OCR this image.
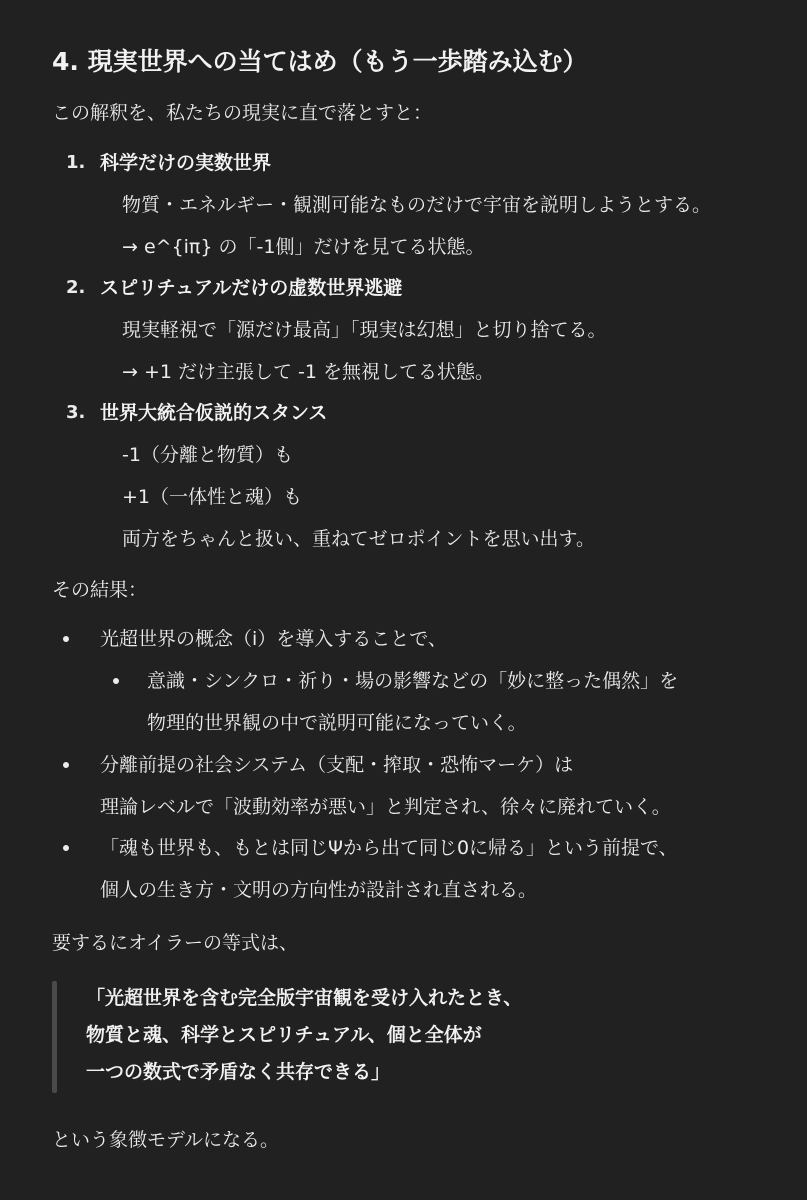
4. 現実世界への当てはめ（もう一歩踏み込む）
この解釈を、私たちの現実に直で落とすと：
1. 科学だけの実数世界
物質・エネルギー・観測可能なものだけで宇宙を説明しようとする。
→ e^{iπ} の「-1側」だけを見てる状態。
2. スピリチュアルだけの虚数世界逃避
現実軽視で「源だけ最高」「現実は幻想」と切り捨てる。
→ +1 だけ主張して -1 を無視してる状態。
3. 世界大統合仮説的スタンス
-1（分離と物質）も
+1（一体性と魂）も
両方をちゃんと扱い、重ねてゼロポイントを思い出す。
その結果：
光超世界の概念（i）を導入することで、
意識・シンクロ・祈り・場の影響などの「妙に整った偶然」を
物理的世界観の中で説明可能になっていく。
分離前提の社会システム（支配・搾取・恐怖マーケ）は
理論レベルで「波動効率が悪い」と判定され、徐々に廃れていく。
「魂も世界も、もとは同じΨから出て同じ0に帰る」という前提で、
個人の生き方・文明の方向性が設計され直される。
要するにオイラーの等式は、
「光超世界を含む完全版宇宙観を受け入れたとき、
物質と魂、科学とスピリチュアル、個と全体が
一つの数式で矛盾なく共存できる」
という象徴モデルになる。
